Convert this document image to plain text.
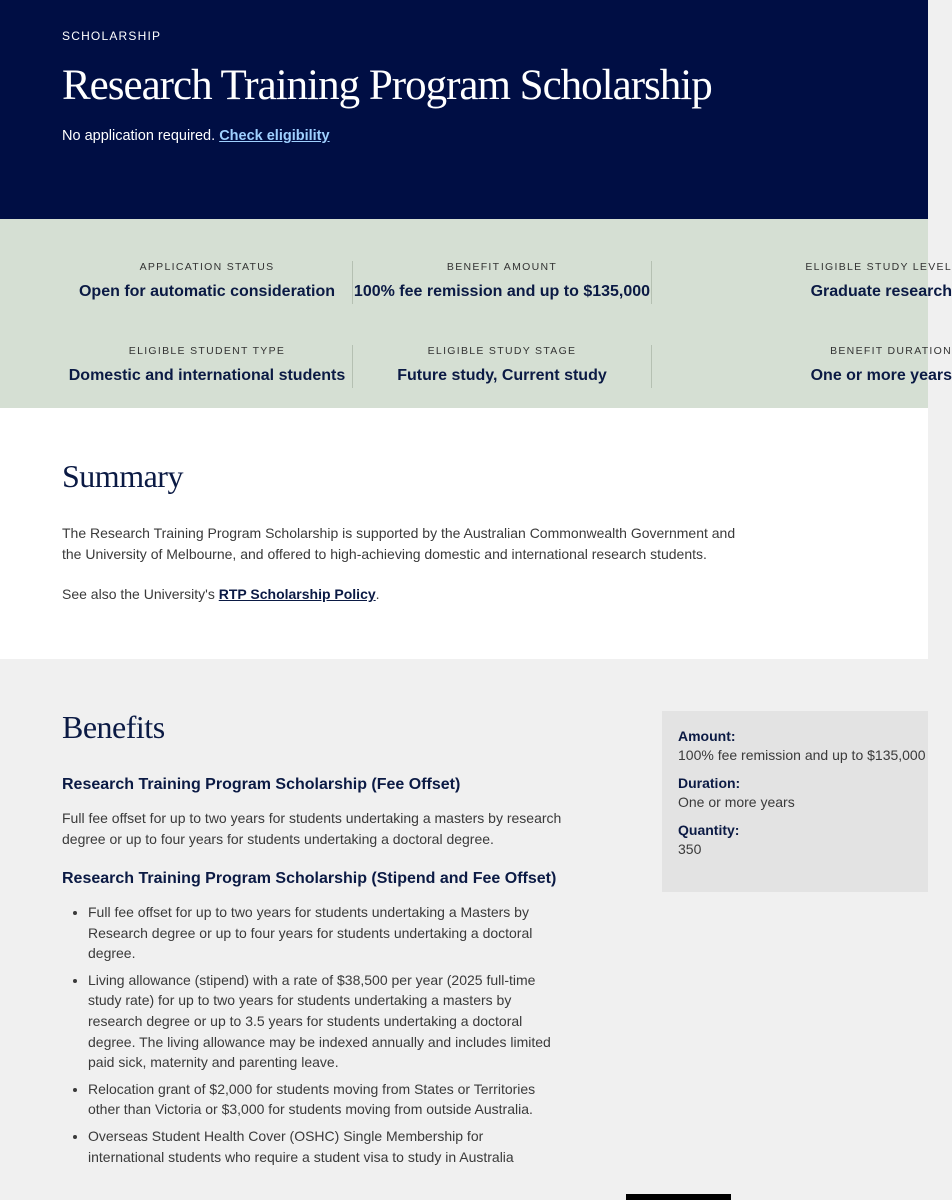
SCHOLARSHIP
Research Training Program Scholarship
No application required. Check eligibility
APPLICATION STATUS
Open for automatic consideration
BENEFIT AMOUNT
100% fee remission and up to $135,000
ELIGIBLE STUDY LEVEL
Graduate research
ELIGIBLE STUDENT TYPE
Domestic and international students
ELIGIBLE STUDY STAGE
Future study, Current study
BENEFIT DURATION
One or more years
Summary

The Research Training Program Scholarship is supported by the Australian Commonwealth Government and the University of Melbourne, and offered to high-achieving domestic and international research students.

See also the University's RTP Scholarship Policy.

Benefits
Research Training Program Scholarship (Fee Offset)

Full fee offset for up to two years for students undertaking a masters by research degree or up to four years for students undertaking a doctoral degree.

Research Training Program Scholarship (Stipend and Fee Offset)
• Full fee offset for up to two years for students undertaking a Masters by Research degree or up to four years for students undertaking a doctoral degree.
• Living allowance (stipend) with a rate of $38,500 per year (2025 full-time study rate) for up to two years for students undertaking a masters by research degree or up to 3.5 years for students undertaking a doctoral degree. The living allowance may be indexed annually and includes limited paid sick, maternity and parenting leave.
• Relocation grant of $2,000 for students moving from States or Territories other than Victoria or $3,000 for students moving from outside Australia.
• Overseas Student Health Cover (OSHC) Single Membership for international students who require a student visa to study in Australia
Amount:
100% fee remission and up to $135,000
Duration:
One or more years
Quantity:
350
